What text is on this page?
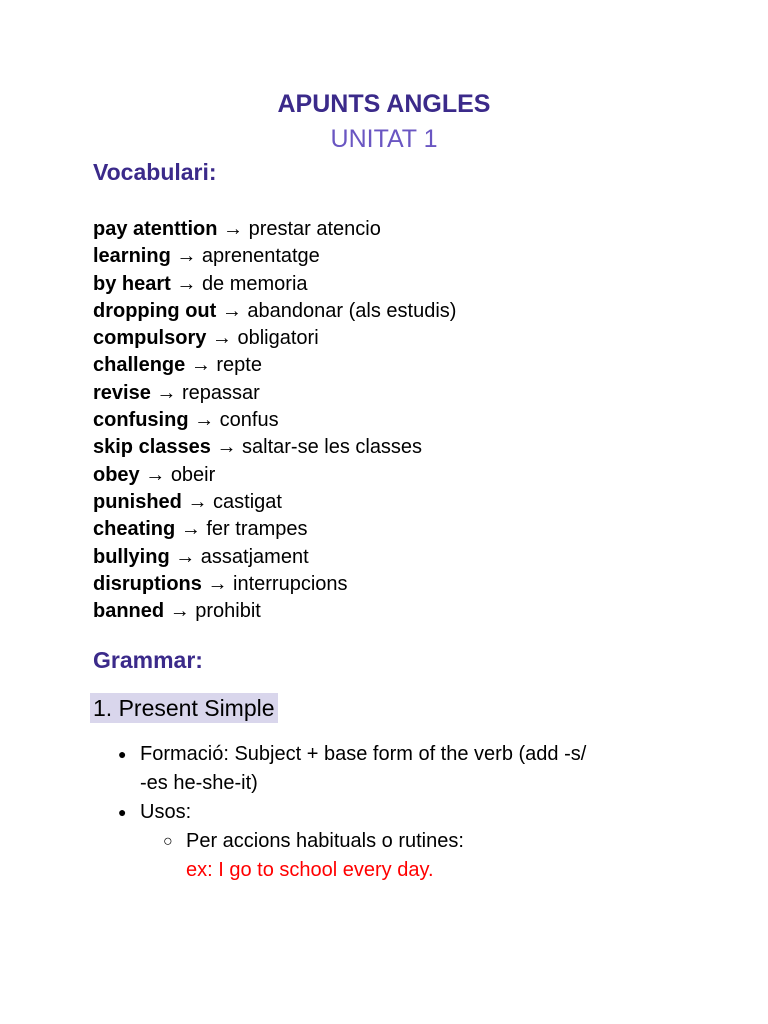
APUNTS ANGLES
UNITAT 1
Vocabulari:
pay atenttion → prestar atencio
learning → aprenentatge
by heart → de memoria
dropping out → abandonar (als estudis)
compulsory → obligatori
challenge → repte
revise → repassar
confusing → confus
skip classes → saltar-se les classes
obey → obeir
punished → castigat
cheating → fer trampes
bullying → assatjament
disruptions → interrupcions
banned → prohibit
Grammar:
1. Present Simple
● Formació: Subject + base form of the verb (add -s/
-es he-she-it)
● Usos:
○ Per accions habituals o rutines:
ex: I go to school every day.
